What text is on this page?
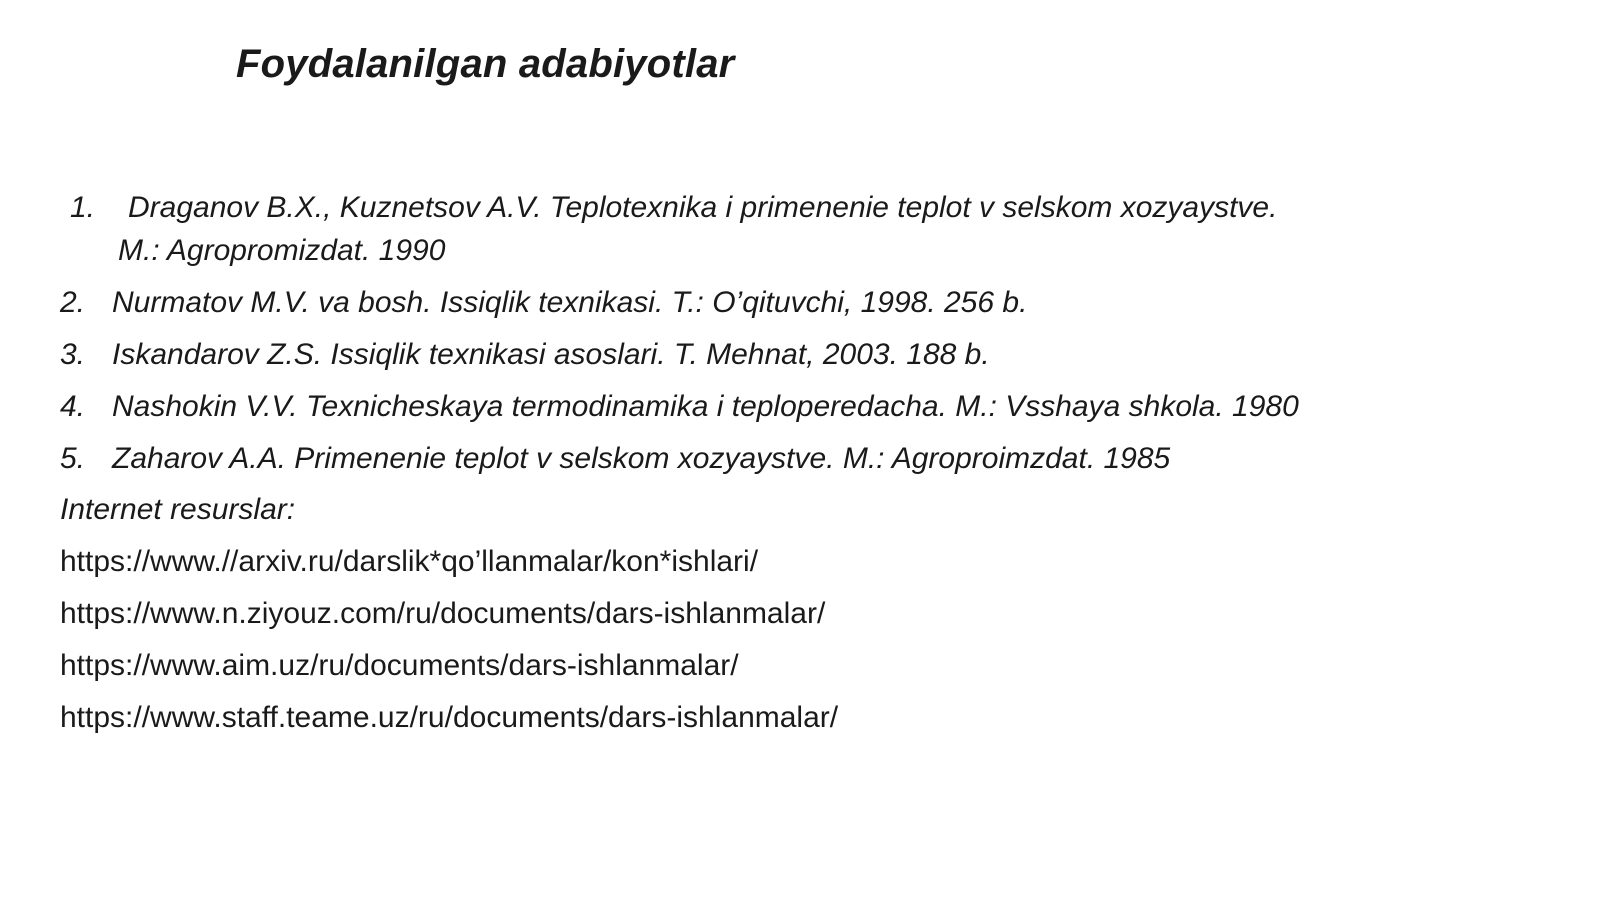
Foydalanilgan adabiyotlar
1. Draganov B.X., Kuznetsov A.V. Teplotexnika i primenenie teplot v selskom xozyaystve.

M.: Agropromizdat. 1990
2. Nurmatov M.V. va bosh. Issiqlik texnikasi. T.: O’qituvchi, 1998. 256 b.
3. Iskandarov Z.S. Issiqlik texnikasi asoslari. T. Mehnat, 2003. 188 b.
4. Nashokin V.V. Texnicheskaya termodinamika i teploperedacha. M.: Vsshaya shkola. 1980
5. Zaharov A.A. Primenenie teplot v selskom xozyaystve. M.: Agroproimzdat. 1985

Internet resurslar:

https://www.//arxiv.ru/darslik*qo’llanmalar/kon*ishlari/
https://www.n.ziyouz.com/ru/documents/dars-ishlanmalar/
https://www.aim.uz/ru/documents/dars-ishlanmalar/
https://www.staff.teame.uz/ru/documents/dars-ishlanmalar/
